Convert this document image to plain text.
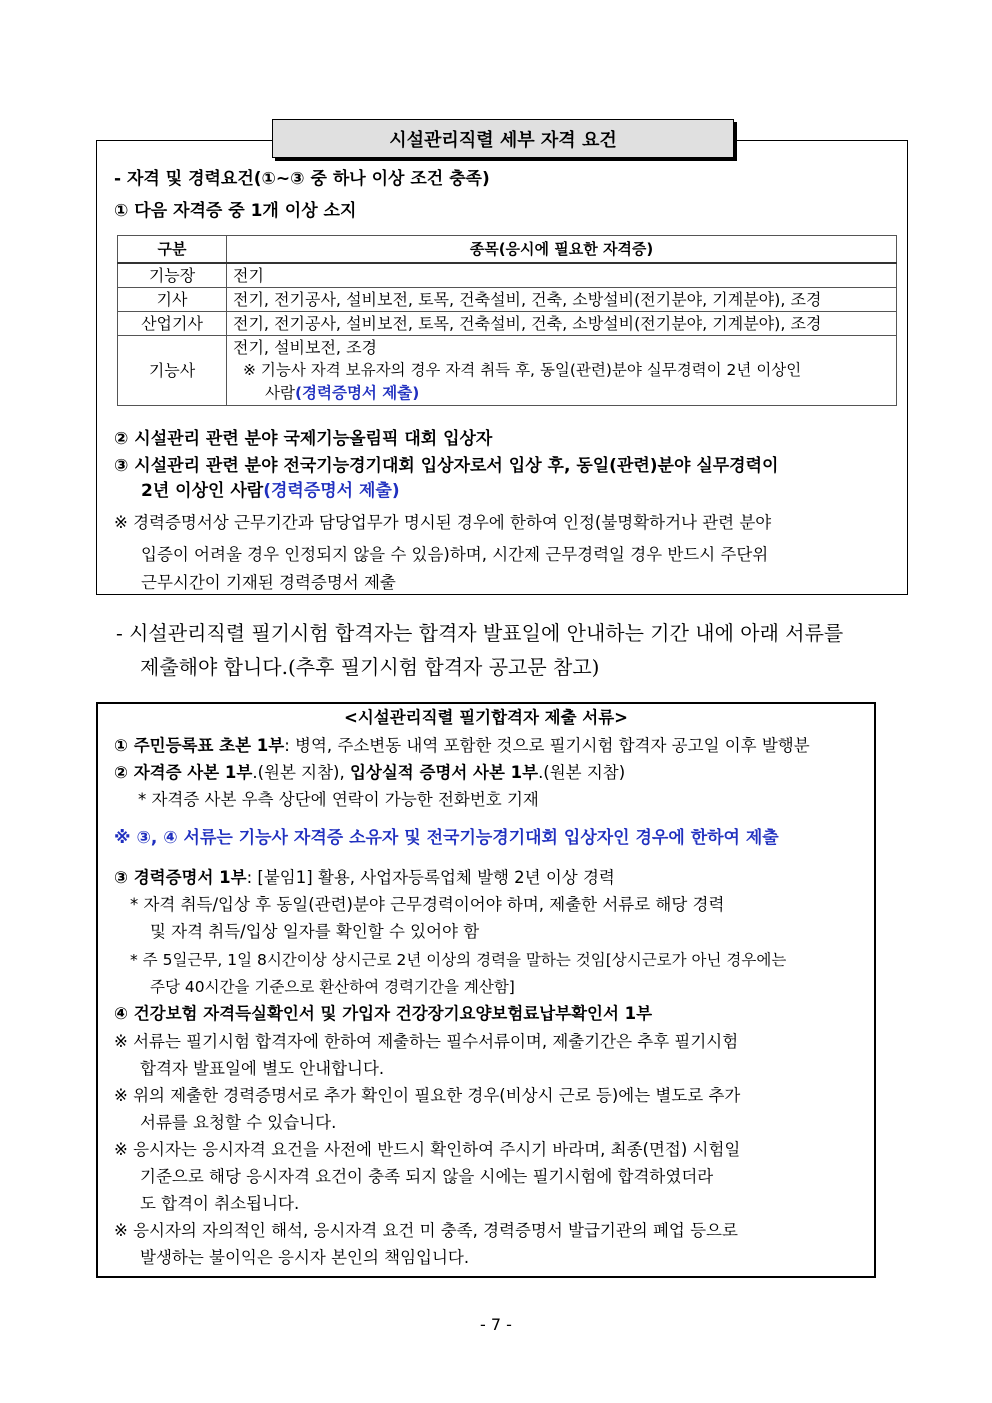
시설관리직렬 세부 자격 요건
- 자격 및 경력요건(①~③ 중 하나 이상 조건 충족)
① 다음 자격증 중 1개 이상 소지
구분	종목(응시에 필요한 자격증)
기능장	전기
기사	전기, 전기공사, 설비보전, 토목, 건축설비, 건축, 소방설비(전기분야, 기계분야), 조경
산업기사	전기, 전기공사, 설비보전, 토목, 건축설비, 건축, 소방설비(전기분야, 기계분야), 조경
기능사	전기, 설비보전, 조경
※ 기능사 자격 보유자의 경우 자격 취득 후, 동일(관련)분야 실무경력이 2년 이상인
사람(경력증명서 제출)
② 시설관리 관련 분야 국제기능올림픽 대회 입상자
③ 시설관리 관련 분야 전국기능경기대회 입상자로서 입상 후, 동일(관련)분야 실무경력이
2년 이상인 사람(경력증명서 제출)
※ 경력증명서상 근무기간과 담당업무가 명시된 경우에 한하여 인정(불명확하거나 관련 분야
입증이 어려울 경우 인정되지 않을 수 있음)하며, 시간제 근무경력일 경우 반드시 주단위
근무시간이 기재된 경력증명서 제출
- 시설관리직렬 필기시험 합격자는 합격자 발표일에 안내하는 기간 내에 아래 서류를
제출해야 합니다.(추후 필기시험 합격자 공고문 참고)
<시설관리직렬 필기합격자 제출 서류>
① 주민등록표 초본 1부: 병역, 주소변동 내역 포함한 것으로 필기시험 합격자 공고일 이후 발행분
② 자격증 사본 1부.(원본 지참), 입상실적 증명서 사본 1부.(원본 지참)
* 자격증 사본 우측 상단에 연락이 가능한 전화번호 기재
※ ③, ④ 서류는 기능사 자격증 소유자 및 전국기능경기대회 입상자인 경우에 한하여 제출
③ 경력증명서 1부: [붙임1] 활용, 사업자등록업체 발행 2년 이상 경력
* 자격 취득/입상 후 동일(관련)분야 근무경력이어야 하며, 제출한 서류로 해당 경력
및 자격 취득/입상 일자를 확인할 수 있어야 함
* 주 5일근무, 1일 8시간이상 상시근로 2년 이상의 경력을 말하는 것임[상시근로가 아닌 경우에는
주당 40시간을 기준으로 환산하여 경력기간을 계산함]
④ 건강보험 자격득실확인서 및 가입자 건강장기요양보험료납부확인서 1부
※ 서류는 필기시험 합격자에 한하여 제출하는 필수서류이며, 제출기간은 추후 필기시험
합격자 발표일에 별도 안내합니다.
※ 위의 제출한 경력증명서로 추가 확인이 필요한 경우(비상시 근로 등)에는 별도로 추가
서류를 요청할 수 있습니다.
※ 응시자는 응시자격 요건을 사전에 반드시 확인하여 주시기 바라며, 최종(면접) 시험일
기준으로 해당 응시자격 요건이 충족 되지 않을 시에는 필기시험에 합격하였더라
도 합격이 취소됩니다.
※ 응시자의 자의적인 해석, 응시자격 요건 미 충족, 경력증명서 발급기관의 폐업 등으로
발생하는 불이익은 응시자 본인의 책임입니다.
- 7 -
